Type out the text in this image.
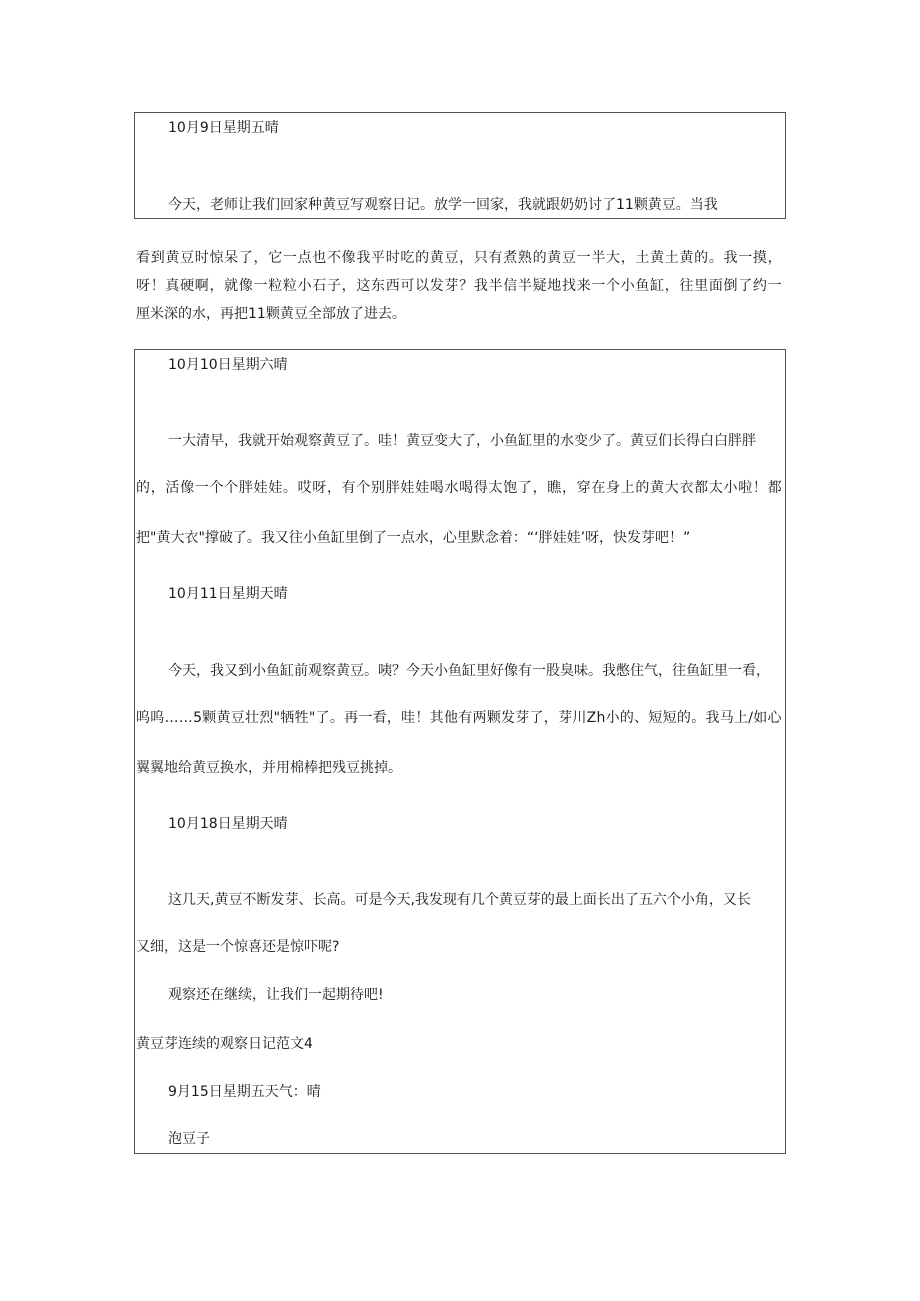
10月9日星期五晴
今天，老师让我们回家种黄豆写观察日记。放学一回家，我就跟奶奶讨了11颗黄豆。当我
看 到 黄 豆 时 惊 呆 了 ， 它 一 点 也 不 像 我 平 时 吃 的 黄 豆 ， 只 有 煮 熟 的 黄 豆 一 半 大 ， 土 黄 土 黄 的 。 我 一 摸 ，
呀 ！ 真 硬 啊 ， 就 像 一 粒 粒 小 石 子 ， 这 东 西 可 以 发 芽 ？ 我 半 信 半 疑 地 找 来 一 个 小 鱼 缸 ， 往 里 面 倒 了 约 一
厘米深的水，再把11颗黄豆全部放了进去。
10月10日星期六晴
一大清早，我就开始观察黄豆了。哇！黄豆变大了，小鱼缸里的水变少了。黄豆们长得白白胖胖
的 ， 活 像 一 个 个 胖 娃 娃 。 哎 呀 ， 有 个 别 胖 娃 娃 喝 水 喝 得 太 饱 了 ， 瞧 ， 穿 在 身 上 的 黄 大 衣 都 太 小 啦 ！ 都
把"黄大衣"撑破了。我又往小鱼缸里倒了一点水，心里默念着：“‘胖娃娃’呀，快发芽吧！”
10月11日星期天晴
今天，我又到小鱼缸前观察黄豆。咦？今天小鱼缸里好像有一股臭味。我憋住气，往鱼缸里一看，
呜 呜 … … 5 颗 黄 豆 壮 烈 " 牺 牲 " 了 。 再 一 看 ， 哇 ！ 其 他 有 两 颗 发 芽 了 ， 芽 川 Z h 小 的 、 短 短 的 。 我 马 上 / 如 心
翼翼地给黄豆换水，并用棉棒把残豆挑掉。
10月18日星期天晴
这几天,黄豆不断发芽、长高。可是今天,我发现有几个黄豆芽的最上面长出了五六个小角，又长
又细，这是一个惊喜还是惊吓呢?
观察还在继续，让我们一起期待吧!
黄豆芽连续的观察日记范文4
9月15日星期五天气：晴
泡豆子
